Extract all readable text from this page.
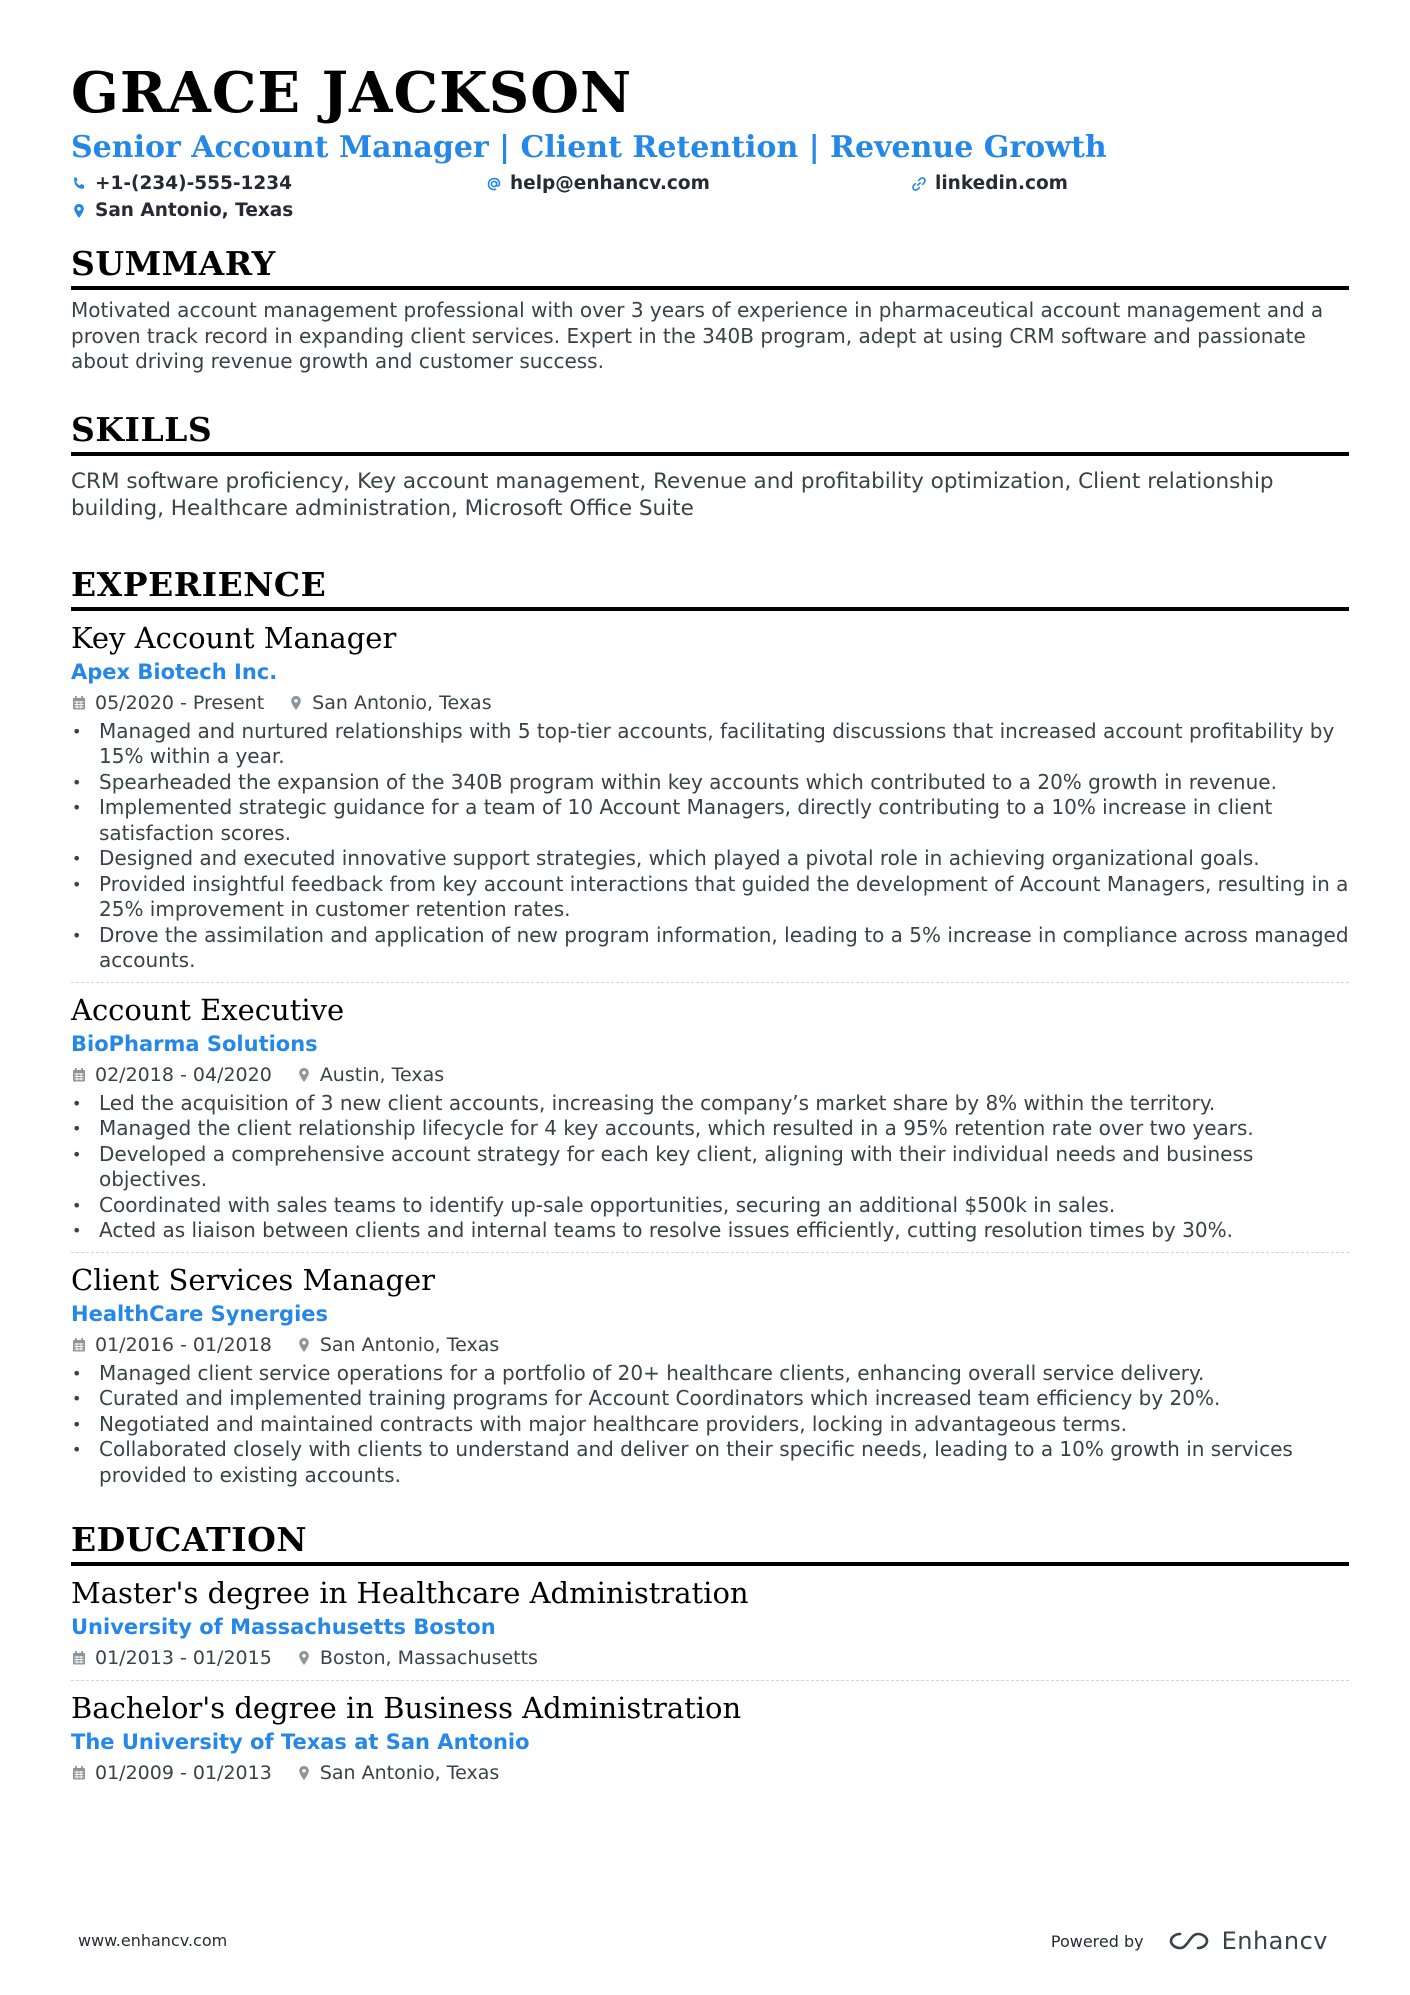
GRACE JACKSON
Senior Account Manager | Client Retention | Revenue Growth
+1-(234)-555-1234	help@enhancv.com	linkedin.com
San Antonio, Texas
SUMMARY
Motivated account management professional with over 3 years of experience in pharmaceutical account management and a proven track record in expanding client services. Expert in the 340B program, adept at using CRM software and passionate about driving revenue growth and customer success.
SKILLS
CRM software proficiency, Key account management, Revenue and profitability optimization, Client relationship building, Healthcare administration, Microsoft Office Suite
EXPERIENCE
Key Account Manager
Apex Biotech Inc.
05/2020 - Present	San Antonio, Texas
• Managed and nurtured relationships with 5 top-tier accounts, facilitating discussions that increased account profitability by 15% within a year.
• Spearheaded the expansion of the 340B program within key accounts which contributed to a 20% growth in revenue.
• Implemented strategic guidance for a team of 10 Account Managers, directly contributing to a 10% increase in client satisfaction scores.
• Designed and executed innovative support strategies, which played a pivotal role in achieving organizational goals.
• Provided insightful feedback from key account interactions that guided the development of Account Managers, resulting in a 25% improvement in customer retention rates.
• Drove the assimilation and application of new program information, leading to a 5% increase in compliance across managed accounts.
Account Executive
BioPharma Solutions
02/2018 - 04/2020	Austin, Texas
• Led the acquisition of 3 new client accounts, increasing the company’s market share by 8% within the territory.
• Managed the client relationship lifecycle for 4 key accounts, which resulted in a 95% retention rate over two years.
• Developed a comprehensive account strategy for each key client, aligning with their individual needs and business objectives.
• Coordinated with sales teams to identify up-sale opportunities, securing an additional $500k in sales.
• Acted as liaison between clients and internal teams to resolve issues efficiently, cutting resolution times by 30%.
Client Services Manager
HealthCare Synergies
01/2016 - 01/2018	San Antonio, Texas
• Managed client service operations for a portfolio of 20+ healthcare clients, enhancing overall service delivery.
• Curated and implemented training programs for Account Coordinators which increased team efficiency by 20%.
• Negotiated and maintained contracts with major healthcare providers, locking in advantageous terms.
• Collaborated closely with clients to understand and deliver on their specific needs, leading to a 10% growth in services provided to existing accounts.
EDUCATION
Master's degree in Healthcare Administration
University of Massachusetts Boston
01/2013 - 01/2015	Boston, Massachusetts
Bachelor's degree in Business Administration
The University of Texas at San Antonio
01/2009 - 01/2013	San Antonio, Texas
www.enhancv.com	Powered by	Enhancv
